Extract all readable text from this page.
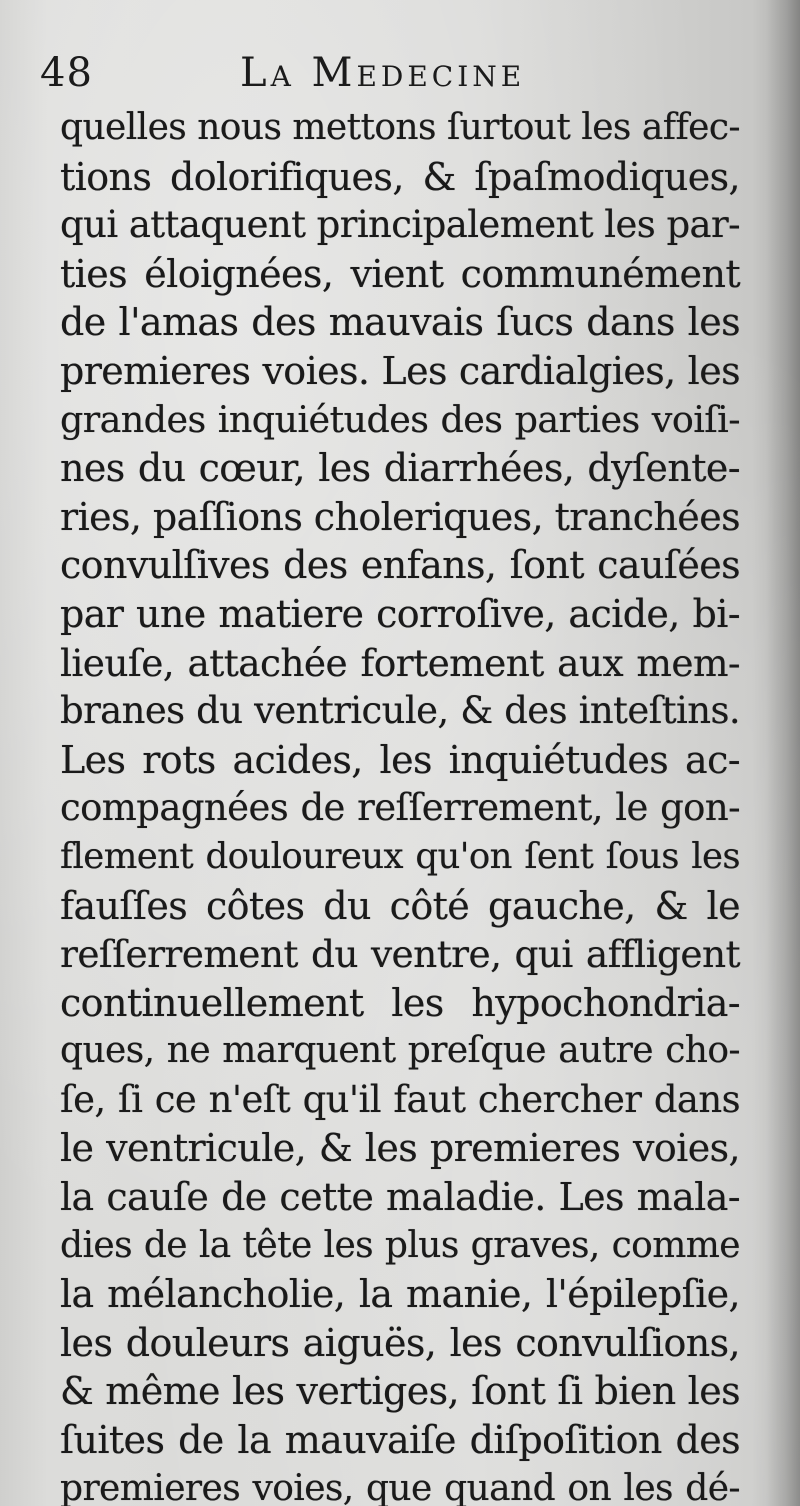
48	La Medecine
quelles nous mettons ſurtout les affec-
tions dolorifiques, & ſpaſmodiques,
qui attaquent principalement les par-
ties éloignées, vient communément
de l'amas des mauvais ſucs dans les
premieres voies. Les cardialgies, les
grandes inquiétudes des parties voiſi-
nes du cœur, les diarrhées, dyſente-
ries, paſſions choleriques, tranchées
convulſives des enfans, ſont cauſées
par une matiere corroſive, acide, bi-
lieuſe, attachée fortement aux mem-
branes du ventricule, & des inteſtins.
Les rots acides, les inquiétudes ac-
compagnées de reſſerrement, le gon-
flement douloureux qu'on ſent ſous les
fauſſes côtes du côté gauche, & le
reſſerrement du ventre, qui affligent
continuellement les hypochondria-
ques, ne marquent preſque autre cho-
ſe, ſi ce n'eſt qu'il faut chercher dans
le ventricule, & les premieres voies,
la cauſe de cette maladie. Les mala-
dies de la tête les plus graves, comme
la mélancholie, la manie, l'épilepſie,
les douleurs aiguës, les convulſions,
& même les vertiges, ſont ſi bien les
ſuites de la mauvaiſe diſpoſition des
premieres voies, que quand on les dé-
